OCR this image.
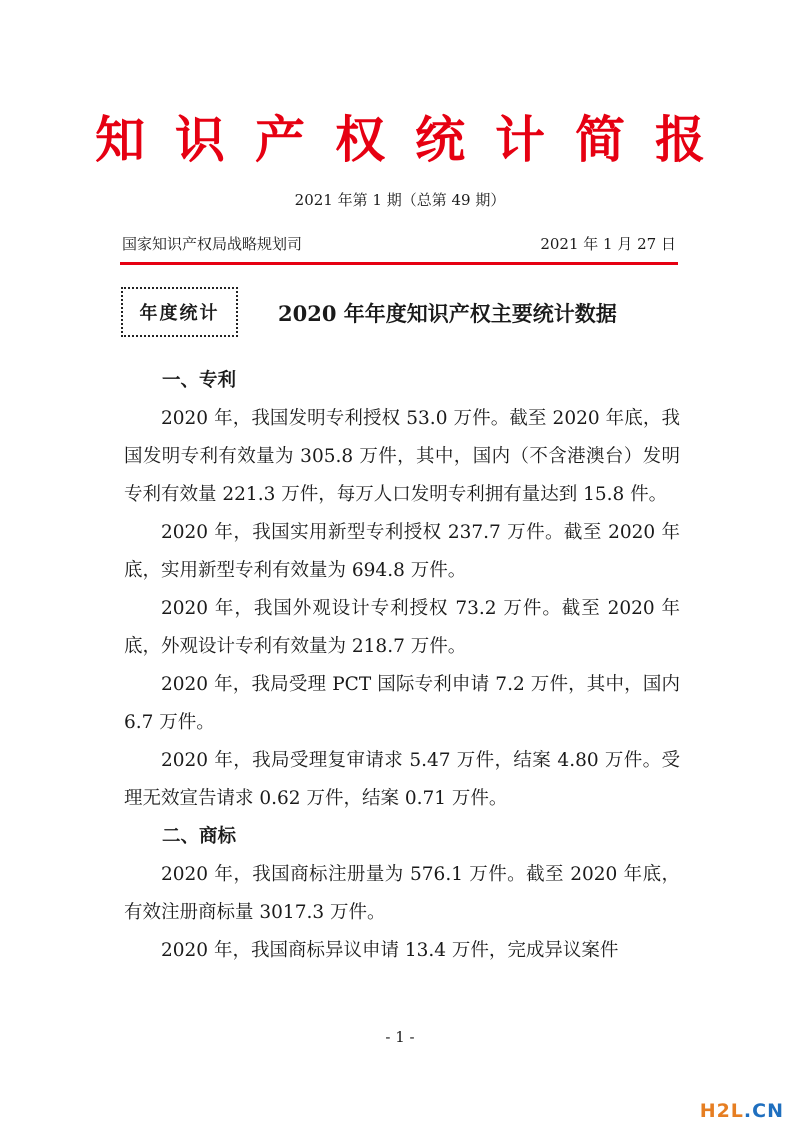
知识产权统计简报
2021 年第 1 期（总第 49 期）
国家知识产权局战略规划司	2021 年 1 月 27 日
年度统计	2020 年年度知识产权主要统计数据
一、专利

2020 年，我国发明专利授权 53.0 万件。截至 2020 年底，我国发明专利有效量为 305.8 万件，其中，国内（不含港澳台）发明专利有效量 221.3 万件，每万人口发明专利拥有量达到 15.8 件。

2020 年，我国实用新型专利授权 237.7 万件。截至 2020 年底，实用新型专利有效量为 694.8 万件。

2020 年，我国外观设计专利授权 73.2 万件。截至 2020 年底，外观设计专利有效量为 218.7 万件。

2020 年，我局受理 PCT 国际专利申请 7.2 万件，其中，国内 6.7 万件。

2020 年，我局受理复审请求 5.47 万件，结案 4.80 万件。受理无效宣告请求 0.62 万件，结案 0.71 万件。

二、商标

2020 年，我国商标注册量为 576.1 万件。截至 2020 年底，有效注册商标量 3017.3 万件。

2020 年，我国商标异议申请 13.4 万件，完成异议案件

- 1 -
H2L.CN
